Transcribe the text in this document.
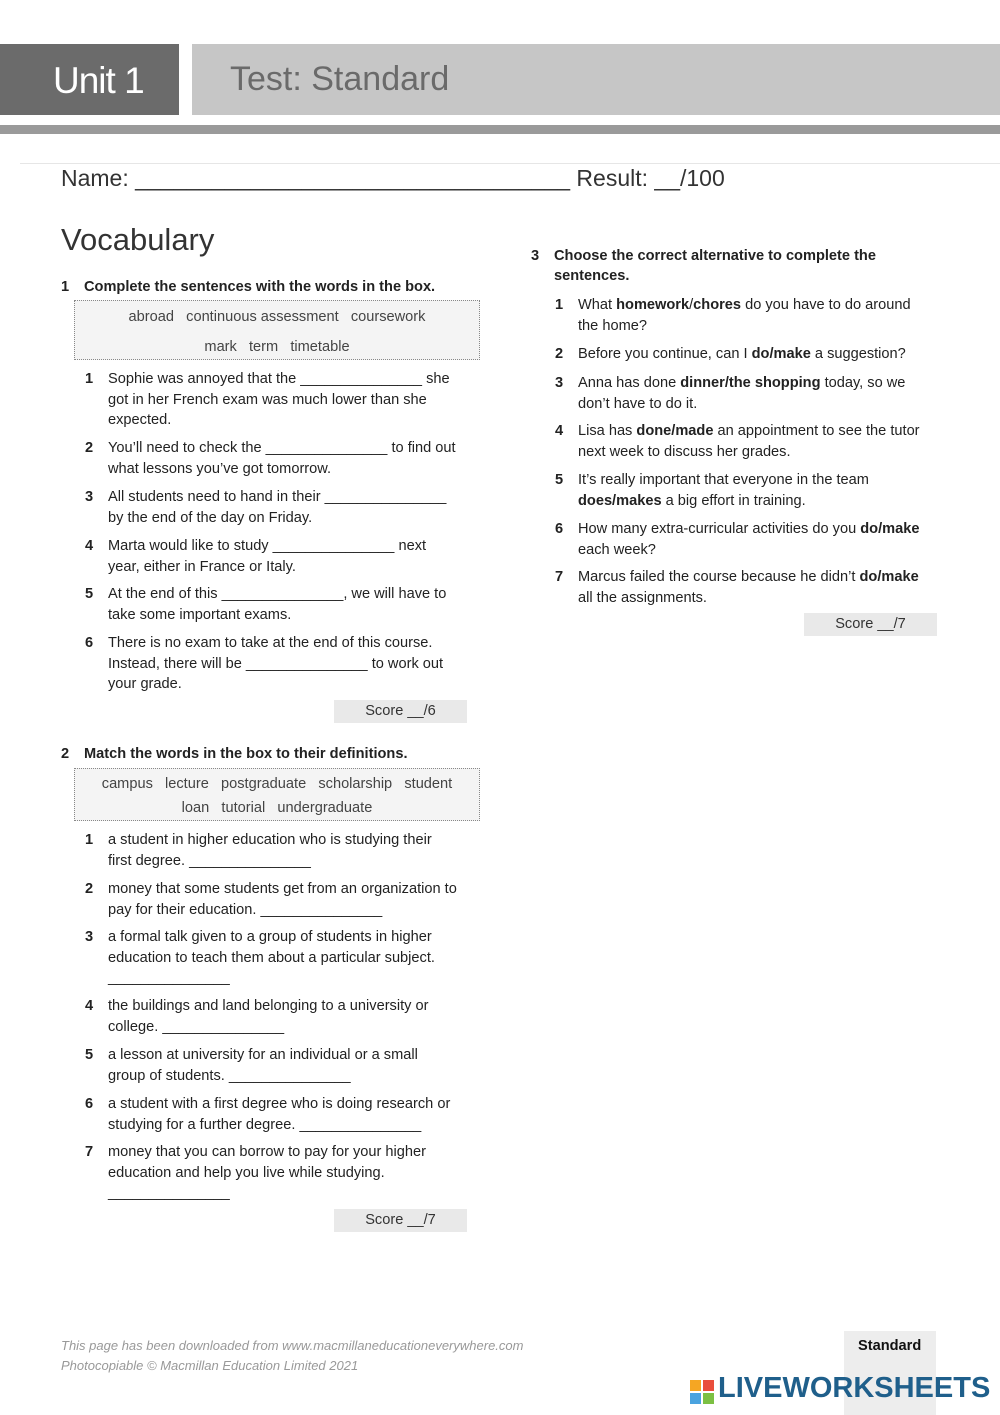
Unit 1	Test: Standard
Name: __________________________________ Result: __/100
Vocabulary
1 Complete the sentences with the words in the box.
abroad   continuous assessment   coursework
mark   term   timetable
1 Sophie was annoyed that the _______________ she
got in her French exam was much lower than she
expected.
2 You’ll need to check the _______________ to find out
what lessons you’ve got tomorrow.
3 All students need to hand in their _______________
by the end of the day on Friday.
4 Marta would like to study _______________ next
year, either in France or Italy.
5 At the end of this _______________, we will have to
take some important exams.
6 There is no exam to take at the end of this course.
Instead, there will be _______________ to work out
your grade.
Score __/6
2 Match the words in the box to their definitions.
campus   lecture   postgraduate   scholarship   student
loan   tutorial   undergraduate
1 a student in higher education who is studying their
first degree. _______________
2 money that some students get from an organization to
pay for their education. _______________
3 a formal talk given to a group of students in higher
education to teach them about a particular subject.
_______________
4 the buildings and land belonging to a university or
college. _______________
5 a lesson at university for an individual or a small
group of students. _______________
6 a student with a first degree who is doing research or
studying for a further degree. _______________
7 money that you can borrow to pay for your higher
education and help you live while studying.
_______________
Score __/7
3 Choose the correct alternative to complete the
sentences.
1 What homework/chores do you have to do around
the home?
2 Before you continue, can I do/make a suggestion?
3 Anna has done dinner/the shopping today, so we
don’t have to do it.
4 Lisa has done/made an appointment to see the tutor
next week to discuss her grades.
5 It’s really important that everyone in the team
does/makes a big effort in training.
6 How many extra-curricular activities do you do/make
each week?
7 Marcus failed the course because he didn’t do/make
all the assignments.
Score __/7
This page has been downloaded from www.macmillaneducationeverywhere.com
Photocopiable © Macmillan Education Limited 2021
Standard
LIVEWORKSHEETS
